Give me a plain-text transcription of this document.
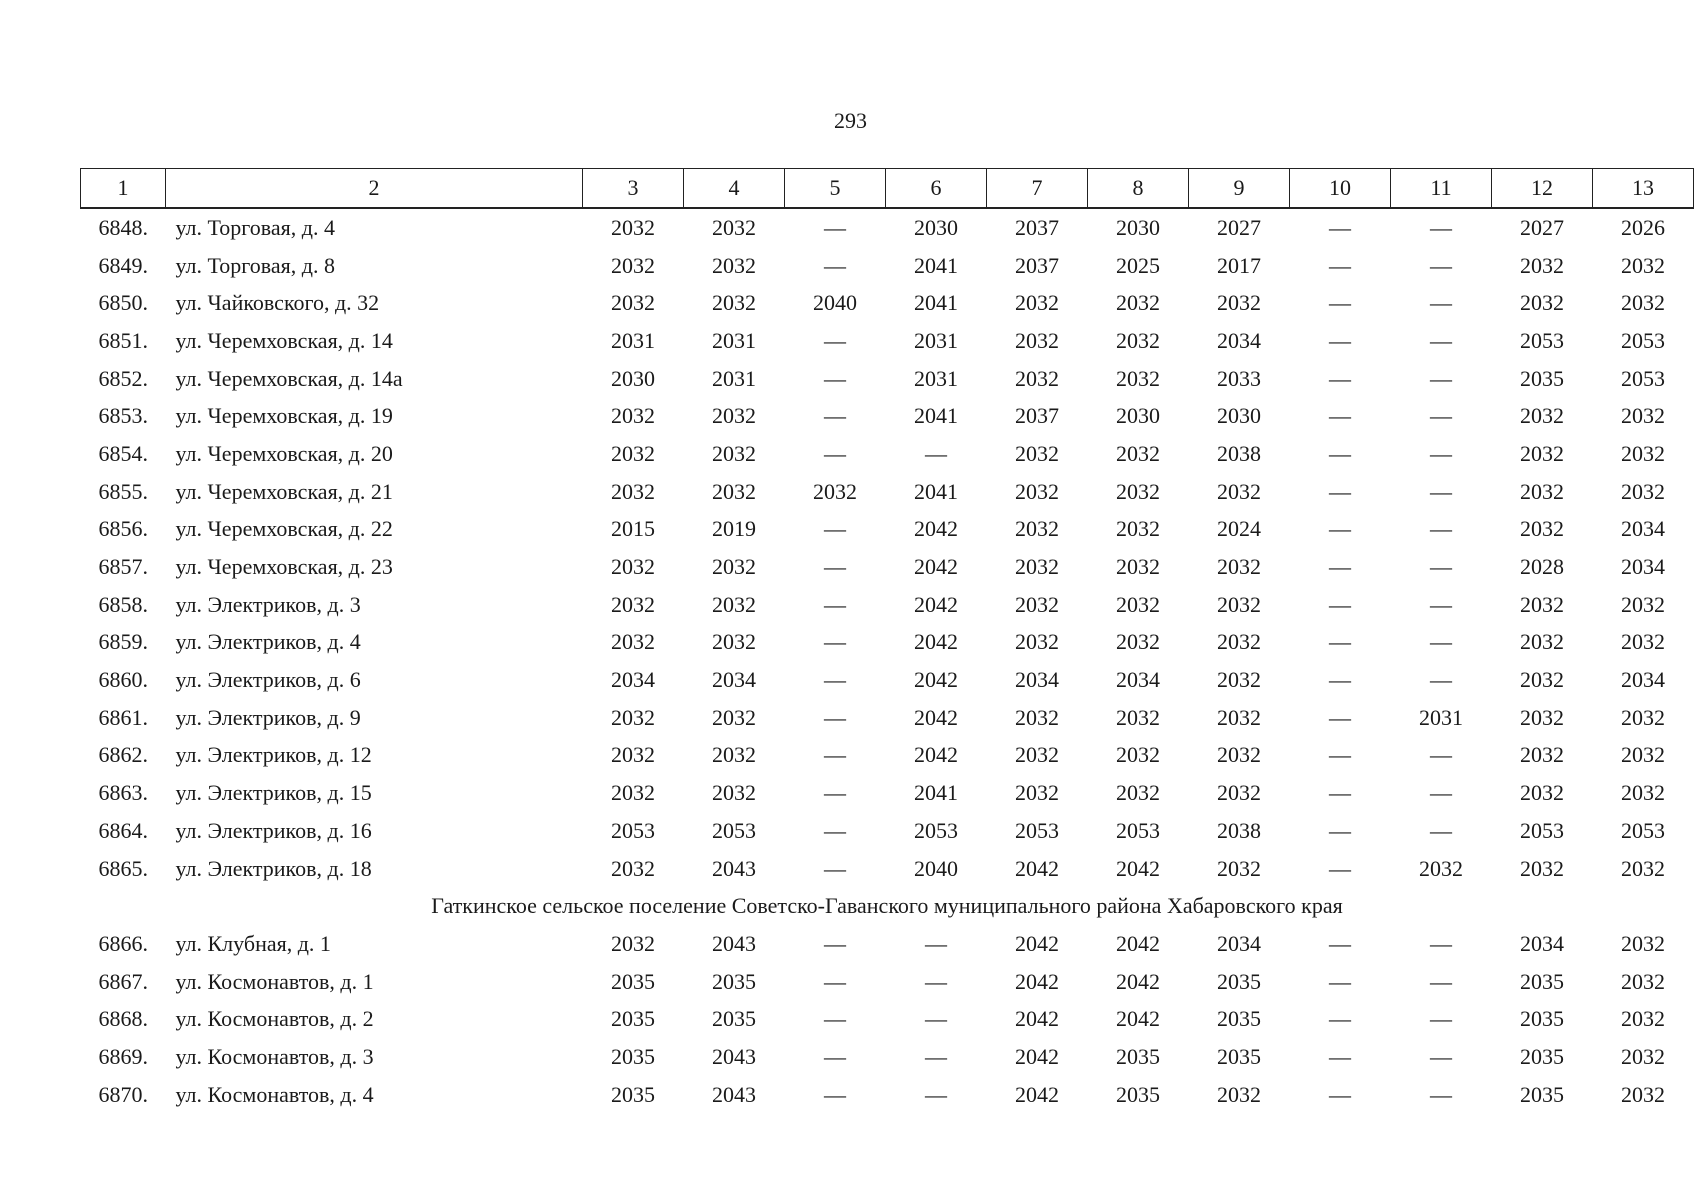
293
1	2	3	4	5	6	7	8	9	10	11	12	13
6848.	ул. Торговая, д. 4	2032	2032	—	2030	2037	2030	2027	—	—	2027	2026
6849.	ул. Торговая, д. 8	2032	2032	—	2041	2037	2025	2017	—	—	2032	2032
6850.	ул. Чайковского, д. 32	2032	2032	2040	2041	2032	2032	2032	—	—	2032	2032
6851.	ул. Черемховская, д. 14	2031	2031	—	2031	2032	2032	2034	—	—	2053	2053
6852.	ул. Черемховская, д. 14а	2030	2031	—	2031	2032	2032	2033	—	—	2035	2053
6853.	ул. Черемховская, д. 19	2032	2032	—	2041	2037	2030	2030	—	—	2032	2032
6854.	ул. Черемховская, д. 20	2032	2032	—	—	2032	2032	2038	—	—	2032	2032
6855.	ул. Черемховская, д. 21	2032	2032	2032	2041	2032	2032	2032	—	—	2032	2032
6856.	ул. Черемховская, д. 22	2015	2019	—	2042	2032	2032	2024	—	—	2032	2034
6857.	ул. Черемховская, д. 23	2032	2032	—	2042	2032	2032	2032	—	—	2028	2034
6858.	ул. Электриков, д. 3	2032	2032	—	2042	2032	2032	2032	—	—	2032	2032
6859.	ул. Электриков, д. 4	2032	2032	—	2042	2032	2032	2032	—	—	2032	2032
6860.	ул. Электриков, д. 6	2034	2034	—	2042	2034	2034	2032	—	—	2032	2034
6861.	ул. Электриков, д. 9	2032	2032	—	2042	2032	2032	2032	—	2031	2032	2032
6862.	ул. Электриков, д. 12	2032	2032	—	2042	2032	2032	2032	—	—	2032	2032
6863.	ул. Электриков, д. 15	2032	2032	—	2041	2032	2032	2032	—	—	2032	2032
6864.	ул. Электриков, д. 16	2053	2053	—	2053	2053	2053	2038	—	—	2053	2053
6865.	ул. Электриков, д. 18	2032	2043	—	2040	2042	2042	2032	—	2032	2032	2032
Гаткинское сельское поселение Советско-Гаванского муниципального района Хабаровского края												
6866.	ул. Клубная, д. 1	2032	2043	—	—	2042	2042	2034	—	—	2034	2032
6867.	ул. Космонавтов, д. 1	2035	2035	—	—	2042	2042	2035	—	—	2035	2032
6868.	ул. Космонавтов, д. 2	2035	2035	—	—	2042	2042	2035	—	—	2035	2032
6869.	ул. Космонавтов, д. 3	2035	2043	—	—	2042	2035	2035	—	—	2035	2032
6870.	ул. Космонавтов, д. 4	2035	2043	—	—	2042	2035	2032	—	—	2035	2032
